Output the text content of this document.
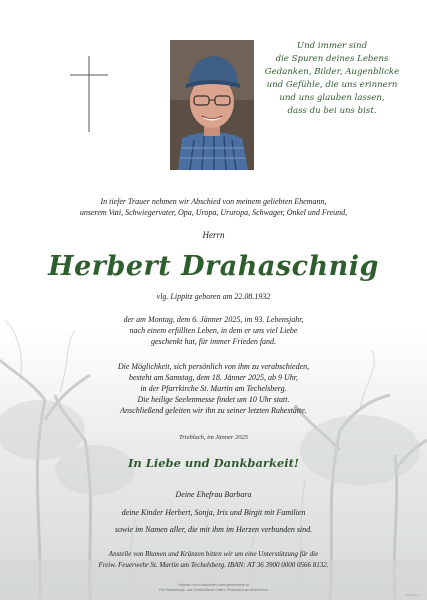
Und immer sind
die Spuren deines Lebens
Gedanken, Bilder, Augenblicke
und Gefühle, die uns erinnern
und uns glauben lassen,
dass du bei uns bist.
In tiefer Trauer nehmen wir Abschied von meinem geliebten Ehemann,
unserem Vati, Schwiegervater, Opa, Uropa, Ururopa, Schwager, Onkel und Freund,
Herrn
Herbert Drahaschnig
vlg. Lippitz geboren am 22.08.1932
der am Montag, dem 6. Jänner 2025, im 93. Lebensjahr,
nach einem erfüllten Leben, in dem er uns viel Liebe
geschenkt hat, für immer Frieden fand.
Die Möglichkeit, sich persönlich von ihm zu verabschieden,
besteht am Samstag, dem 18. Jänner 2025, ab 9 Uhr,
in der Pfarrkirche St. Martin am Techelsberg.
Die heilige Seelenmesse findet um 10 Uhr statt.
Anschließend geleiten wir ihn zu seiner letzten Ruhestätte.
Trieblach, im Jänner 2025
In Liebe und Dankbarkeit!
Deine Ehefrau Barbara
deine Kinder Herbert, Sonja, Iris und Birgit mit Familien
sowie im Namen aller, die mit ihm im Herzen verbunden sind.
Anstelle von Blumen und Kränzen bitten wir um eine Unterstützung für die
Freiw. Feuerwehr St. Martin am Techelsberg. IBAN: AT 36 3900 0000 0566 8132.
Hinweis zum Kondolieren: www.gedenkseite.at
PAX Bestattungs- und Gedenkdienst GmbH, Pörtschach am Wörthersee
IS-SP 4-1
